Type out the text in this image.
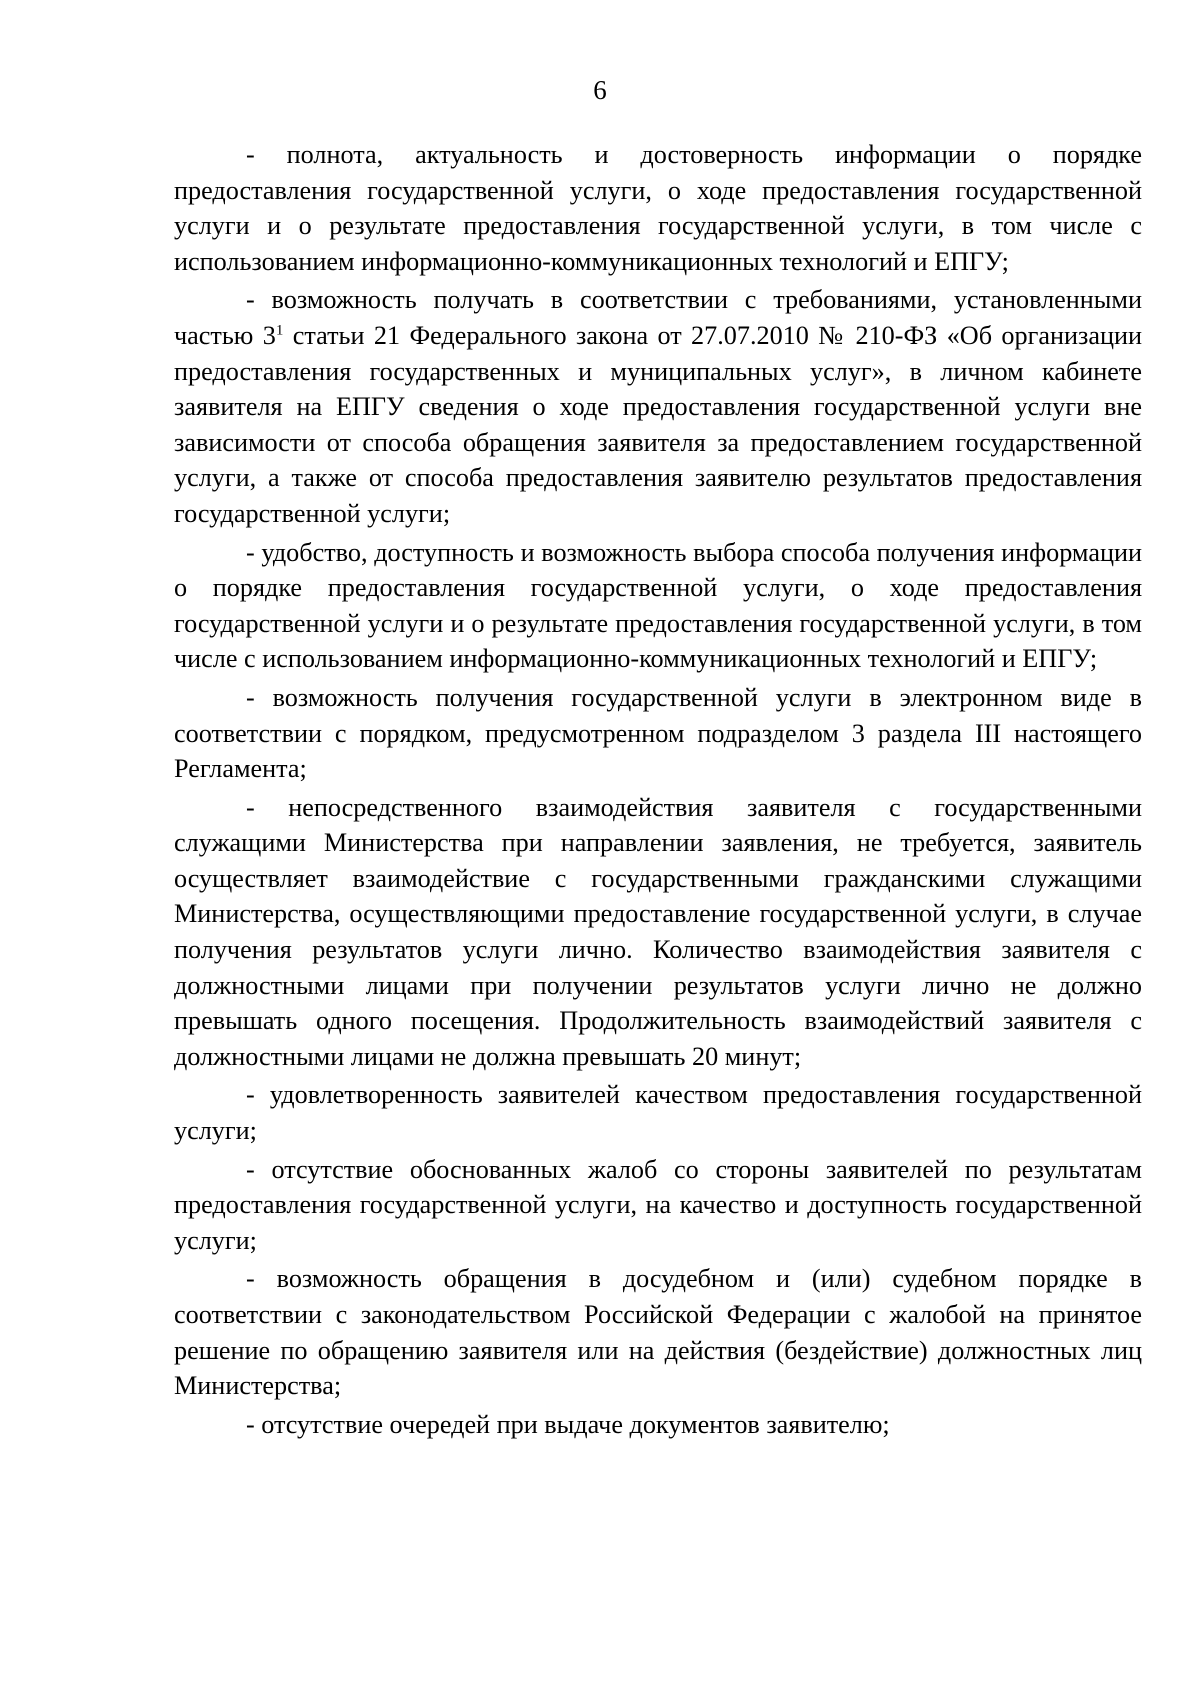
6

- полнота, актуальность и достоверность информации о порядке предоставления государственной услуги, о ходе предоставления государственной услуги и о результате предоставления государственной услуги, в том числе с использованием информационно-коммуникационных технологий и ЕПГУ;

- возможность получать в соответствии с требованиями, установленными частью $3^1$ статьи 21 Федерального закона от 27.07.2010 № 210-ФЗ «Об организации предоставления государственных и муниципальных услуг», в личном кабинете заявителя на ЕПГУ сведения о ходе предоставления государственной услуги вне зависимости от способа обращения заявителя за предоставлением государственной услуги, а также от способа предоставления заявителю результатов предоставления государственной услуги;

- удобство, доступность и возможность выбора способа получения информации о порядке предоставления государственной услуги, о ходе предоставления государственной услуги и о результате предоставления государственной услуги, в том числе с использованием информационно-коммуникационных технологий и ЕПГУ;

- возможность получения государственной услуги в электронном виде в соответствии с порядком, предусмотренном подразделом 3 раздела III настоящего Регламента;

- непосредственного взаимодействия заявителя с государственными служащими Министерства при направлении заявления, не требуется, заявитель осуществляет взаимодействие с государственными гражданскими служащими Министерства, осуществляющими предоставление государственной услуги, в случае получения результатов услуги лично. Количество взаимодействия заявителя с должностными лицами при получении результатов услуги лично не должно превышать одного посещения. Продолжительность взаимодействий заявителя с должностными лицами не должна превышать 20 минут;

- удовлетворенность заявителей качеством предоставления государственной услуги;

- отсутствие обоснованных жалоб со стороны заявителей по результатам предоставления государственной услуги, на качество и доступность государственной услуги;

- возможность обращения в досудебном и (или) судебном порядке в соответствии с законодательством Российской Федерации с жалобой на принятое решение по обращению заявителя или на действия (бездействие) должностных лиц Министерства;

- отсутствие очередей при выдаче документов заявителю;
